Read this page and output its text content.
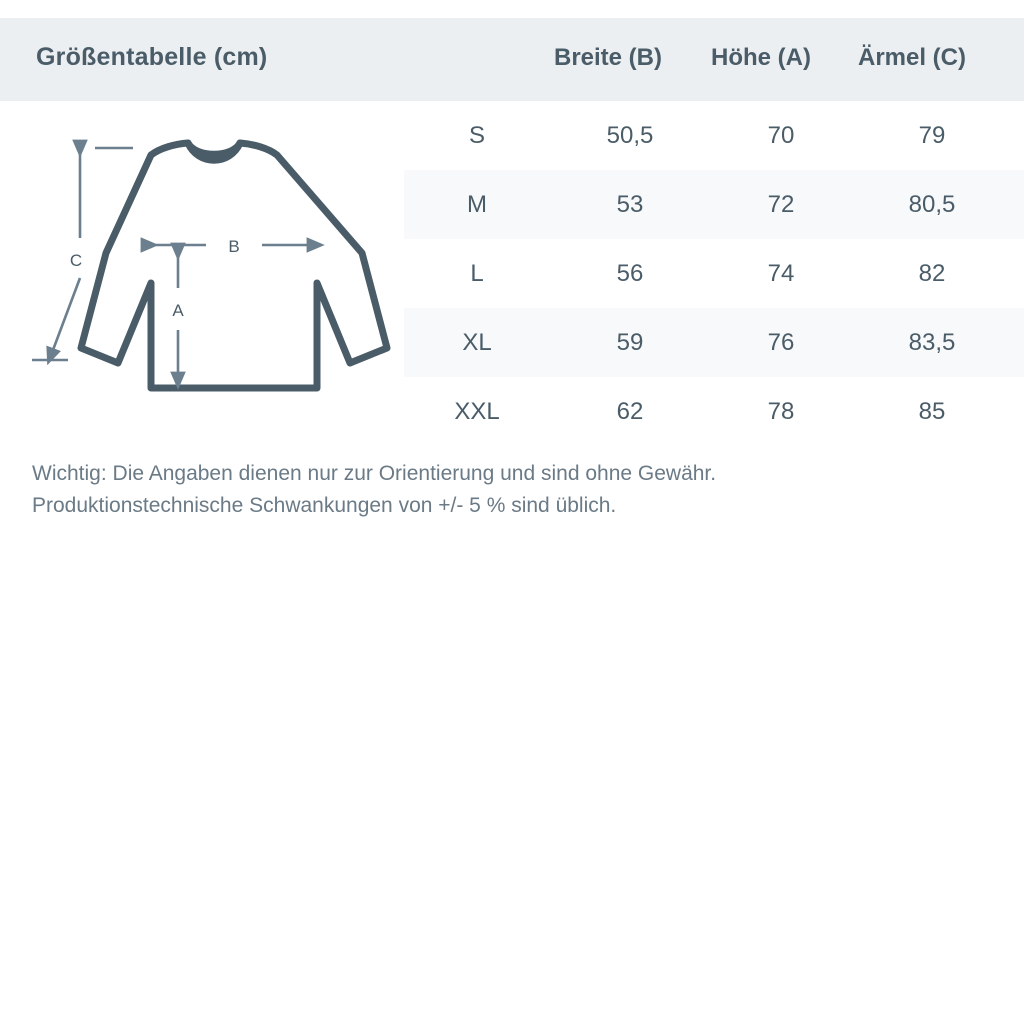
Größentabelle (cm)	Breite (B)	Höhe (A)	Ärmel (C)
S	50,5	70	79
M	53	72	80,5
L	56	74	82
XL	59	76	83,5
XXL	62	78	85
Wichtig: Die Angaben dienen nur zur Orientierung und sind ohne Gewähr.
Produktionstechnische Schwankungen von +/- 5 % sind üblich.
B
A
C
